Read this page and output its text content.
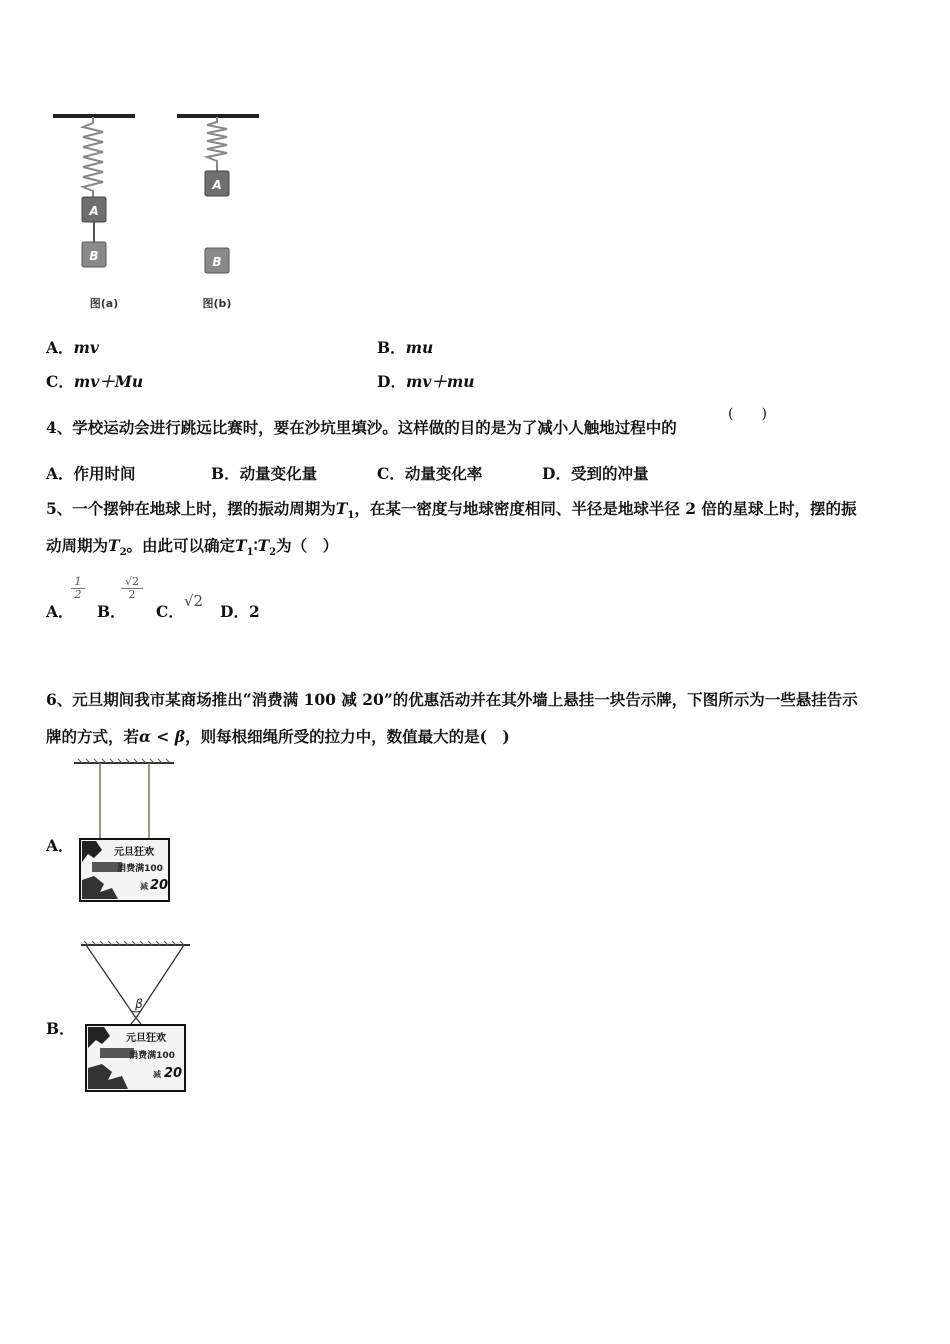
A
B
图(a)
A
B
图(b)
A．mv	B．mu
C．mv＋Mu	D．mv＋mu
4、学校运动会进行跳远比赛时，要在沙坑里填沙。这样做的目的是为了减小人触地过程中的
(　　)
A．作用时间	B．动量变化量	C．动量变化率	D．受到的冲量
5、一个摆钟在地球上时，摆的振动周期为$T_1$，在某一密度与地球密度相同、半径是地球半径 2 倍的星球上时，摆的振
动周期为$T_2$。由此可以确定$T_1∶T_2$为（　）
A．
1
2
B．
√2
2
C．
√2
D．2
6、元旦期间我市某商场推出“消费满 100 减 20”的优惠活动并在其外墙上悬挂一块告示牌，下图所示为一些悬挂告示
牌的方式，若α < β，则每根细绳所受的拉力中，数值最大的是(　)
A．	元旦狂欢
消费满100
减 20
B．
β
元旦狂欢
消费满100
减 20
